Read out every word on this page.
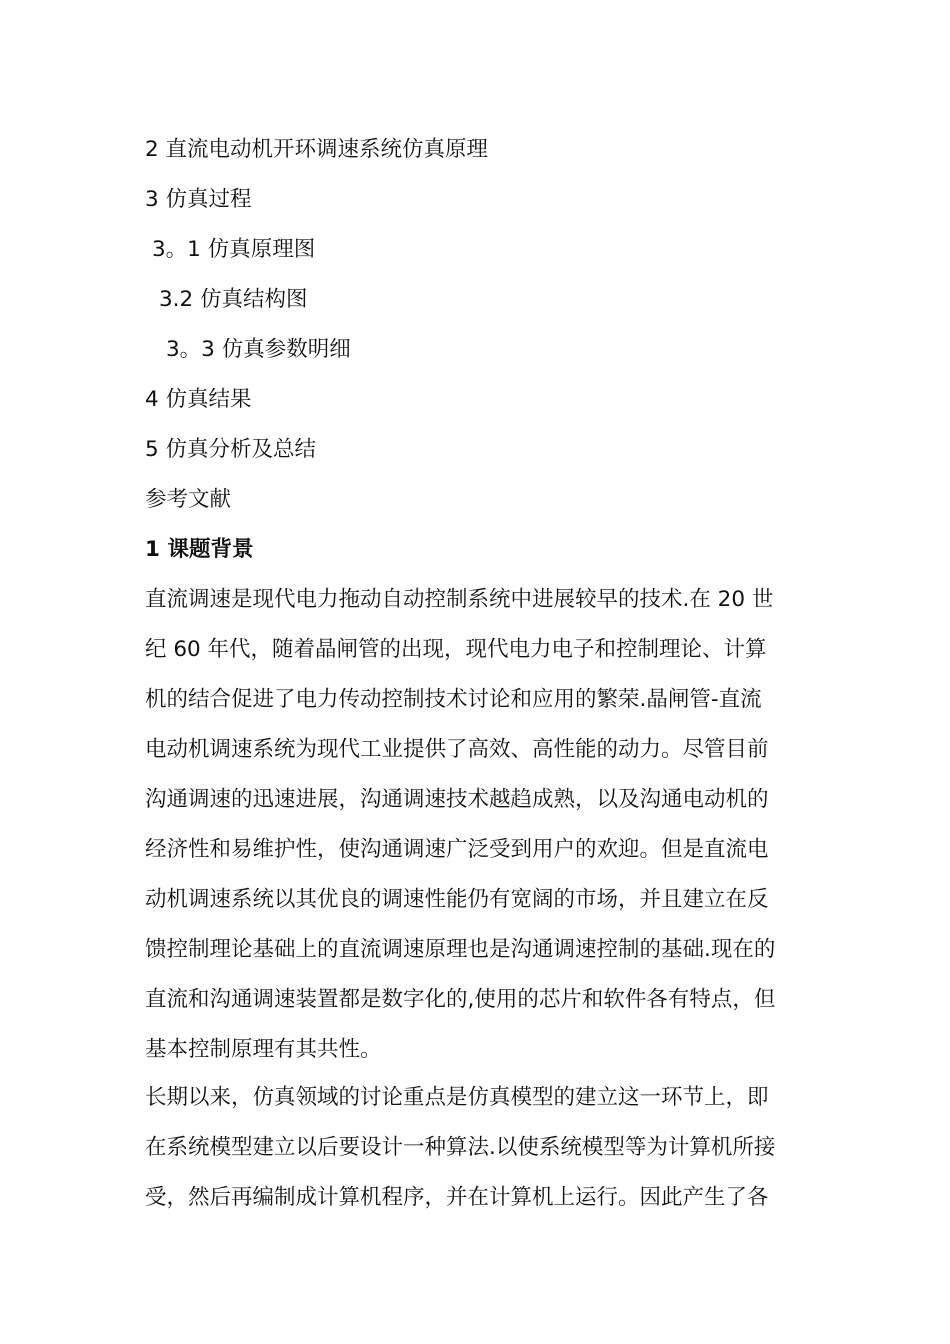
2 直流电动机开环调速系统仿真原理
3 仿真过程
3。1 仿真原理图
3.2 仿真结构图
3。3 仿真参数明细
4 仿真结果
5 仿真分析及总结
参考文献
1 课题背景
直流调速是现代电力拖动自动控制系统中进展较早的技术.在 20 世
纪 60 年代，随着晶闸管的出现，现代电力电子和控制理论、计算
机的结合促进了电力传动控制技术讨论和应用的繁荣.晶闸管-直流
电动机调速系统为现代工业提供了高效、高性能的动力。尽管目前
沟通调速的迅速进展，沟通调速技术越趋成熟，以及沟通电动机的
经济性和易维护性，使沟通调速广泛受到用户的欢迎。但是直流电
动机调速系统以其优良的调速性能仍有宽阔的市场，并且建立在反
馈控制理论基础上的直流调速原理也是沟通调速控制的基础.现在的
直流和沟通调速装置都是数字化的,使用的芯片和软件各有特点，但
基本控制原理有其共性。
长期以来，仿真领域的讨论重点是仿真模型的建立这一环节上，即
在系统模型建立以后要设计一种算法.以使系统模型等为计算机所接
受，然后再编制成计算机程序，并在计算机上运行。因此产生了各
